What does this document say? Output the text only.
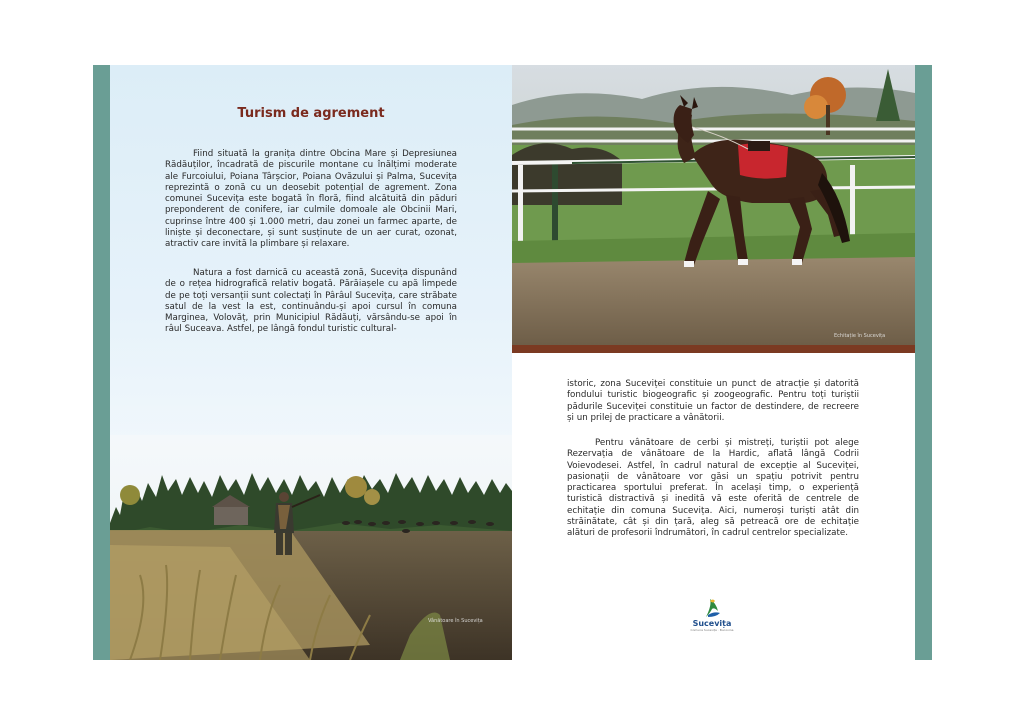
Turism de agrement

Fiind situată la granița dintre Obcina Mare și Depresiunea Rădăuților, încadrată de piscurile montane cu înălțimi moderate ale Furcoiului, Poiana Târșcior, Poiana Ovăzului și Palma, Sucevița reprezintă o zonă cu un deosebit potențial de agrement. Zona comunei Sucevița este bogată în floră, fiind alcătuită din păduri preponderent de conifere, iar culmile domoale ale Obcinii Mari, cuprinse între 400 și 1.000 metri, dau zonei un farmec aparte, de liniște și deconectare, și sunt susținute de un aer curat, ozonat, atractiv care invită la plimbare și relaxare.

Natura a fost darnică cu această zonă, Sucevița dispunând de o rețea hidrografică relativ bogată. Părăiașele cu apă limpede de pe toți versanții sunt colectați în Pârâul Sucevița, care străbate satul de la vest la est, continuându-și apoi cursul în comuna Marginea, Volovăț, prin Municipiul Rădăuți, vărsându-se apoi în râul Suceava. Astfel, pe lângă fondul turistic cultural-

Vânătoare în Sucevița
Echitație în Sucevița

istoric, zona Suceviței constituie un punct de atracție și datorită fondului turistic biogeografic și zoogeografic. Pentru toți turiștii pădurile Suceviței constituie un factor de destindere, de recreere și un prilej de practicare a vânătorii.

Pentru vânătoare de cerbi și mistreți, turiștii pot alege Rezervația de vânătoare de la Hardic, aflată lângă Codrii Voievodesei. Astfel, în cadrul natural de excepție al Suceviței, pasionații de vânătoare vor găsi un spațiu potrivit pentru practicarea sportului preferat. În același timp, o experiență turistică distractivă și inedită vă este oferită de centrele de echitație din comuna Sucevița. Aici, numeroși turiști atât din străinătate, cât și din țară, aleg să petreacă ore de echitație alături de profesorii îndrumători, în cadrul centrelor specializate.

Sucevița
Comuna Sucevița · Bucovina
